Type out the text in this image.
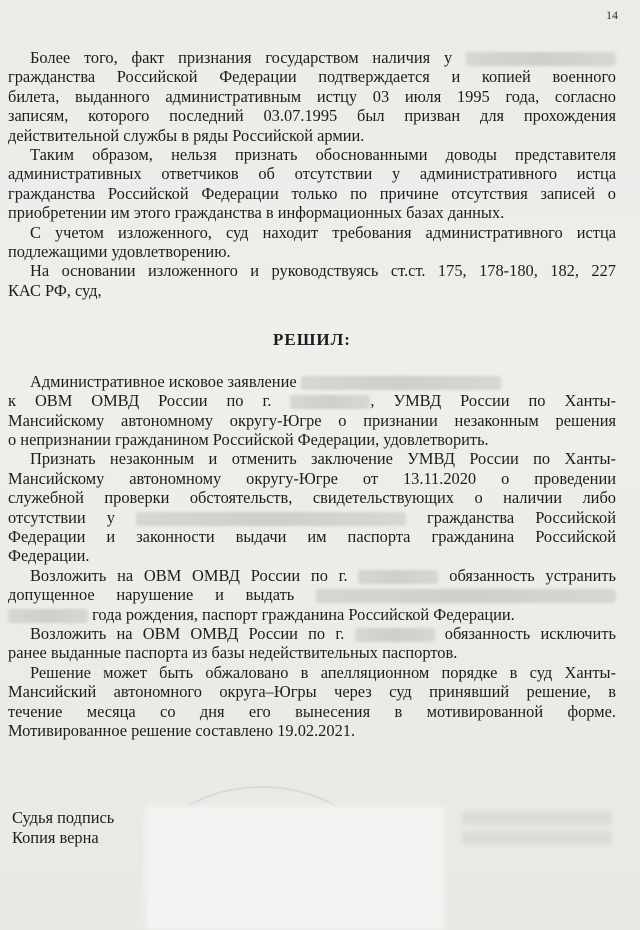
14
Более того, факт признания государством наличия у
гражданства Российской Федерации подтверждается и копией военного
билета, выданного административным истцу 03 июля 1995 года, согласно
записям, которого последний 03.07.1995 был призван для прохождения
действительной службы в ряды Российской армии.
Таким образом, нельзя признать обоснованными доводы представителя
административных ответчиков об отсутствии у административного истца
гражданства Российской Федерации только по причине отсутствия записей о
приобретении им этого гражданства в информационных базах данных.
С учетом изложенного, суд находит требования административного истца
подлежащими удовлетворению.
На основании изложенного и руководствуясь ст.ст. 175, 178-180, 182, 227
КАС РФ, суд,
РЕШИЛ:
Административное исковое заявление
к ОВМ ОМВД России по г.	, УМВД России по Ханты-
Мансийскому автономному округу-Югре о признании незаконным решения
о непризнании гражданином Российской Федерации, удовлетворить.
Признать незаконным и отменить заключение УМВД России по Ханты-
Мансийскому автономному округу-Югре от 13.11.2020 о проведении
служебной проверки обстоятельств, свидетельствующих о наличии либо
отсутствии у	гражданства Российской
Федерации и законности выдачи им паспорта гражданина Российской
Федерации.
Возложить на ОВМ ОМВД России по г.	обязанность устранить
допущенное нарушение и выдать
года рождения, паспорт гражданина Российской Федерации.
Возложить на ОВМ ОМВД России по г.	обязанность исключить
ранее выданные паспорта из базы недействительных паспортов.
Решение может быть обжаловано в апелляционном порядке в суд Ханты-
Мансийский автономного округа–Югры через суд принявший решение, в
течение месяца со дня его вынесения в мотивированной форме.
Мотивированное решение составлено 19.02.2021.
Судья подпись
Копия верна
